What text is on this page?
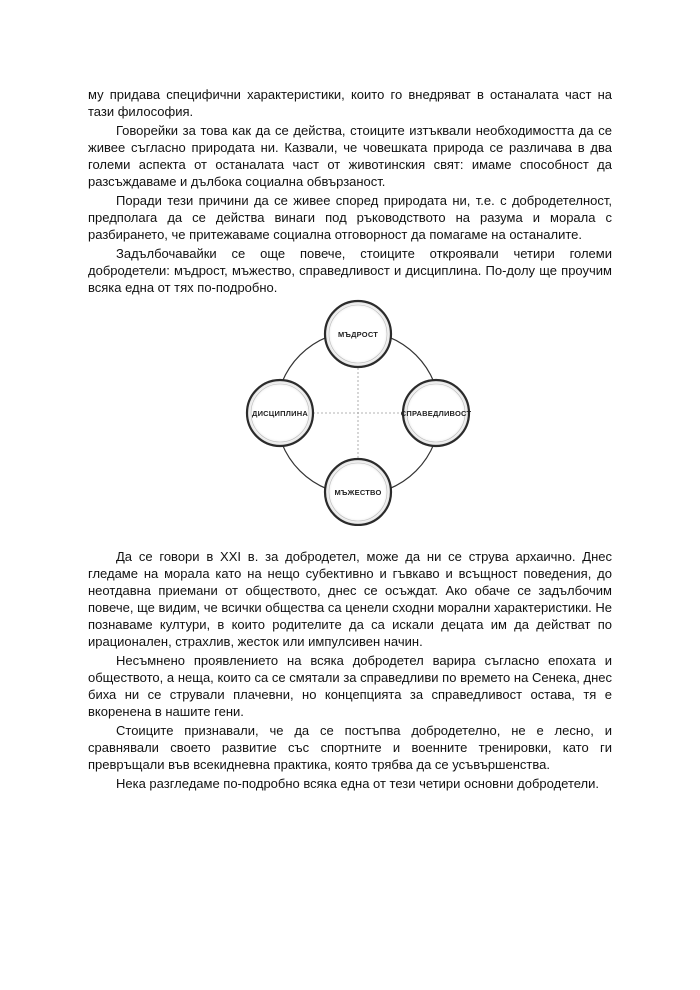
му придава специфични характеристики, които го внедряват в останалата част на тази философия.

Говорейки за това как да се действа, стоиците изтъквали необходимостта да се живее съгласно природата ни. Казвали, че човешката природа се различава в два големи аспекта от останалата част от животинския свят: имаме способност да разсъждаваме и дълбока социална обвързаност.

Поради тези причини да се живее според природата ни, т.е. с добродетелност, предполага да се действа винаги под ръководството на разума и морала с разбирането, че притежаваме социална отговорност да помагаме на останалите.

Задълбочавайки се още повече, стоиците откроявали четири големи добродетели: мъдрост, мъжество, справедливост и дисциплина. По-долу ще проучим всяка една от тях по-подробно.

МЪДРОСТ
СПРАВЕДЛИВОСТ
МЪЖЕСТВО
ДИСЦИПЛИНА

Да се говори в XXI в. за добродетел, може да ни се струва архаично. Днес гледаме на морала като на нещо субективно и гъвкаво и всъщност поведения, до неотдавна приемани от обществото, днес се осъждат. Ако обаче се задълбочим повече, ще видим, че всички общества са ценели сходни морални характеристики. Не познаваме култури, в които родителите да са искали децата им да действат по ирационален, страхлив, жесток или импулсивен начин.

Несъмнено проявлението на всяка добродетел варира съгласно епохата и обществото, а неща, които са се смятали за справедливи по времето на Сенека, днес биха ни се стрували плачевни, но концепцията за справедливост остава, тя е вкоренена в нашите гени.

Стоиците признавали, че да се постъпва добродетелно, не е лесно, и сравнявали своето развитие със спортните и военните тренировки, като ги превръщали във всекидневна практика, която трябва да се усъвършенства.

Нека разгледаме по-подробно всяка една от тези четири основни добродетели.
